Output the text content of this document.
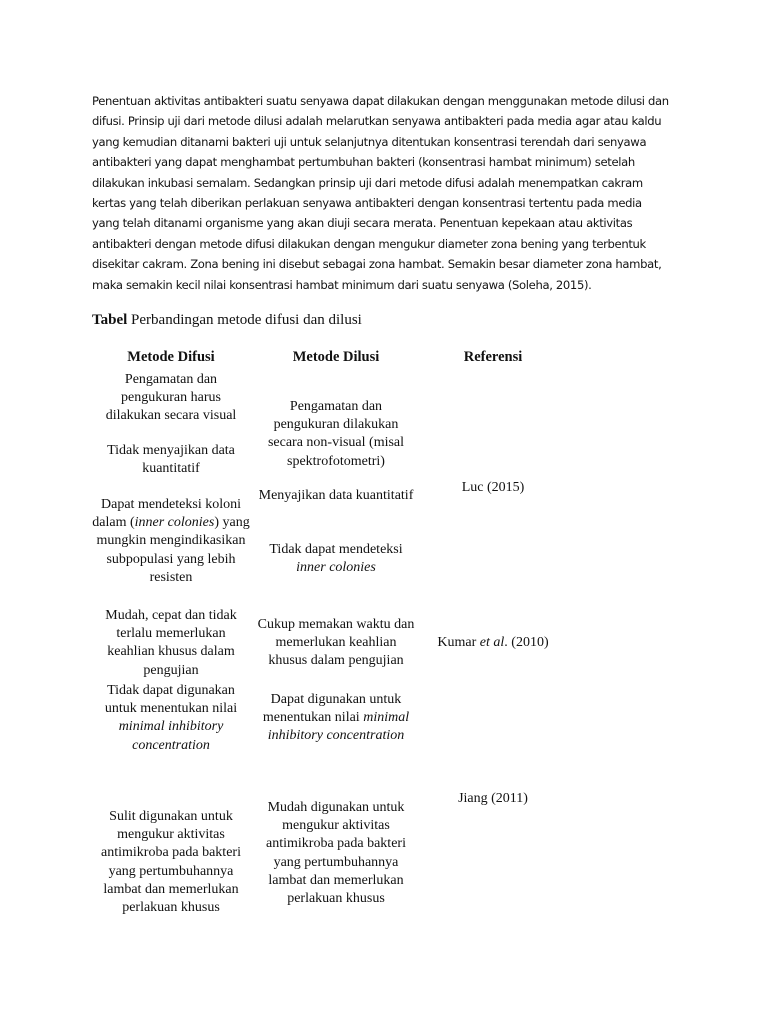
Penentuan aktivitas antibakteri suatu senyawa dapat dilakukan dengan menggunakan metode dilusi dan
difusi. Prinsip uji dari metode dilusi adalah melarutkan senyawa antibakteri pada media agar atau kaldu
yang kemudian ditanami bakteri uji untuk selanjutnya ditentukan konsentrasi terendah dari senyawa
antibakteri yang dapat menghambat pertumbuhan bakteri (konsentrasi hambat minimum) setelah
dilakukan inkubasi semalam. Sedangkan prinsip uji dari metode difusi adalah menempatkan cakram
kertas yang telah diberikan perlakuan senyawa antibakteri dengan konsentrasi tertentu pada media
yang telah ditanami organisme yang akan diuji secara merata. Penentuan kepekaan atau aktivitas
antibakteri dengan metode difusi dilakukan dengan mengukur diameter zona bening yang terbentuk
disekitar cakram. Zona bening ini disebut sebagai zona hambat. Semakin besar diameter zona hambat,
maka semakin kecil nilai konsentrasi hambat minimum dari suatu senyawa (Soleha, 2015).
Tabel Perbandingan metode difusi dan dilusi
Metode Difusi	Metode Dilusi	Referensi
Pengamatan dan pengukuran harus dilakukan secara visual
Tidak menyajikan data kuantitatif
Dapat mendeteksi koloni dalam (inner colonies) yang mungkin mengindikasikan subpopulasi yang lebih resisten
Mudah, cepat dan tidak terlalu memerlukan keahlian khusus dalam pengujian
Tidak dapat digunakan untuk menentukan nilai minimal inhibitory concentration
Sulit digunakan untuk mengukur aktivitas antimikroba pada bakteri yang pertumbuhannya lambat dan memerlukan perlakuan khusus
Pengamatan dan pengukuran dilakukan secara non-visual (misal spektrofotometri)
Menyajikan data kuantitatif
Tidak dapat mendeteksi
inner colonies
Cukup memakan waktu dan memerlukan keahlian khusus dalam pengujian
Dapat digunakan untuk menentukan nilai minimal inhibitory concentration
Mudah digunakan untuk mengukur aktivitas antimikroba pada bakteri yang pertumbuhannya lambat dan memerlukan perlakuan khusus
Luc (2015)
Kumar et al. (2010)
Jiang (2011)
